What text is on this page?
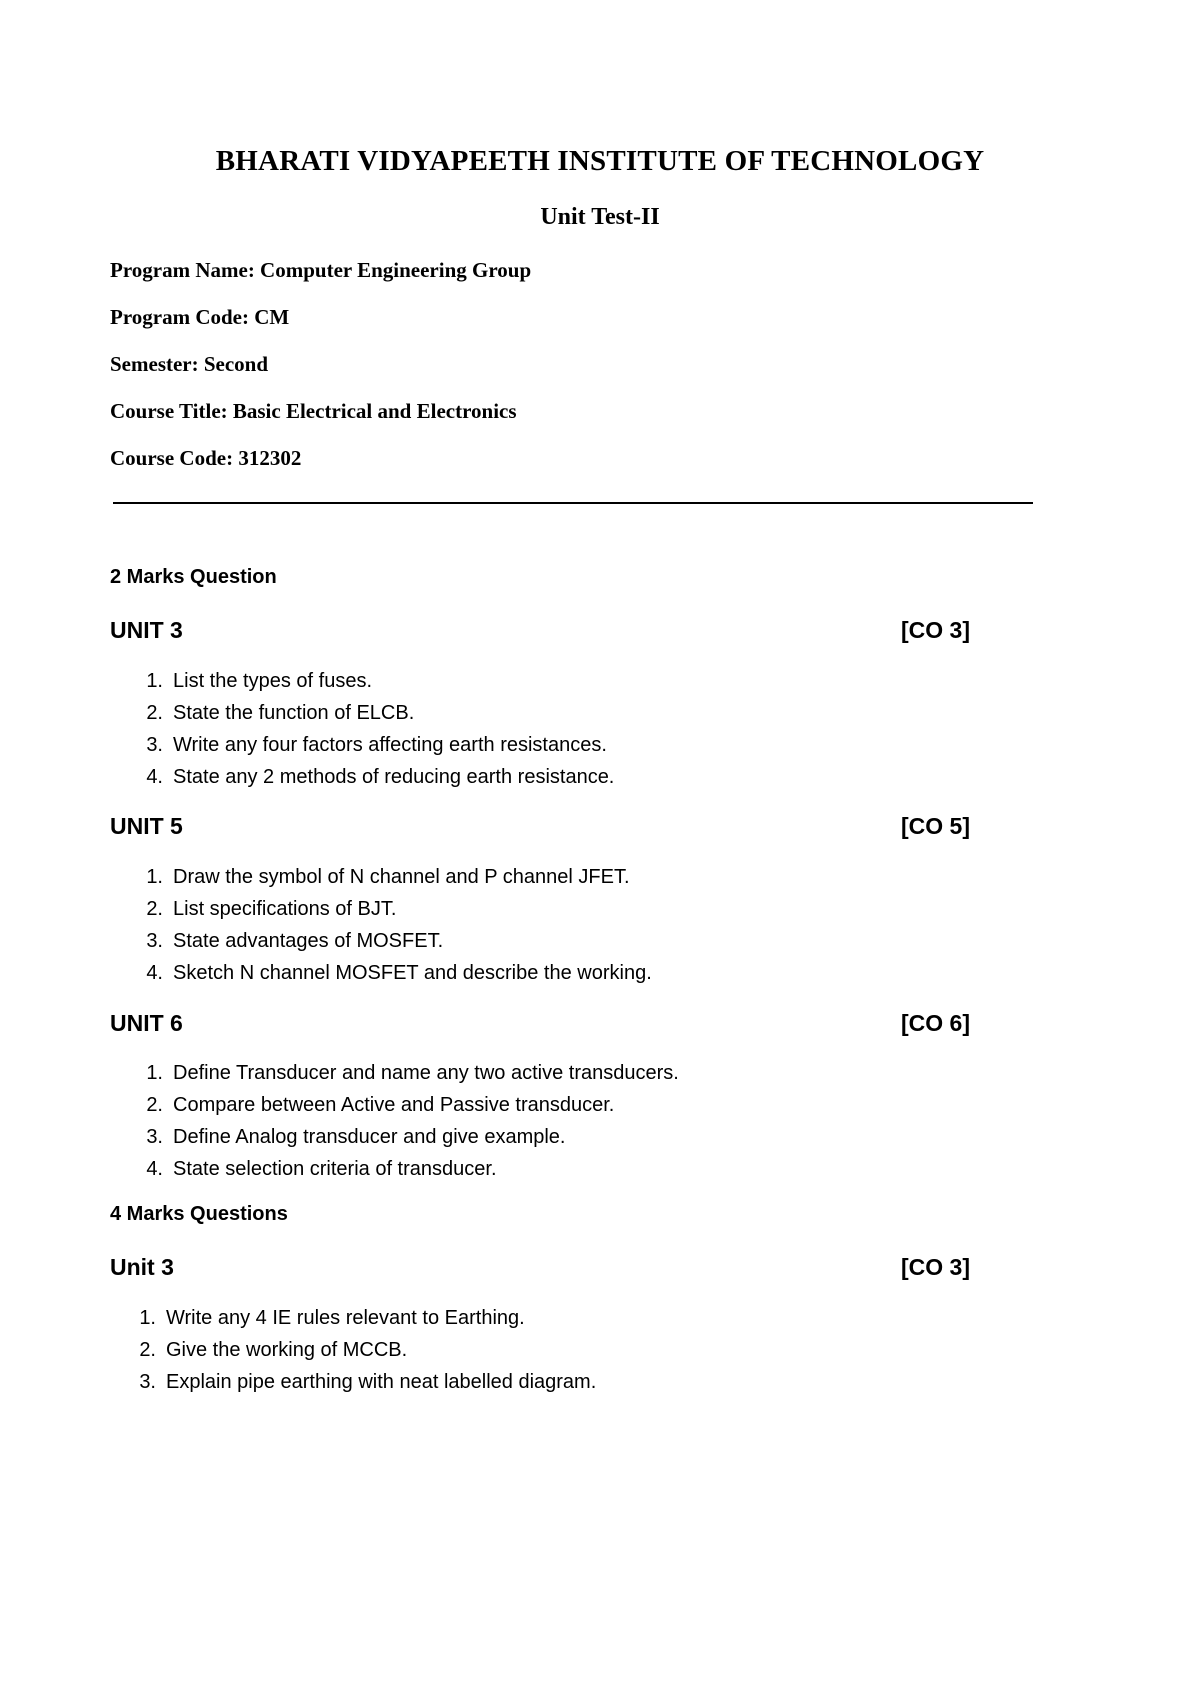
BHARATI VIDYAPEETH INSTITUTE OF TECHNOLOGY
Unit Test-II
Program Name: Computer Engineering Group
Program Code: CM
Semester: Second
Course Title: Basic Electrical and Electronics
Course Code: 312302
2 Marks Question
UNIT 3	[CO 3]
1. List the types of fuses.
2. State the function of ELCB.
3. Write any four factors affecting earth resistances.
4. State any 2 methods of reducing earth resistance.
UNIT 5	[CO 5]
1. Draw the symbol of N channel and P channel JFET.
2. List specifications of BJT.
3. State advantages of MOSFET.
4. Sketch N channel MOSFET and describe the working.
UNIT 6	[CO 6]
1. Define Transducer and name any two active transducers.
2. Compare between Active and Passive transducer.
3. Define Analog transducer and give example.
4. State selection criteria of transducer.
4 Marks Questions
Unit 3	[CO 3]
1. Write any 4 IE rules relevant to Earthing.
2. Give the working of MCCB.
3. Explain pipe earthing with neat labelled diagram.
